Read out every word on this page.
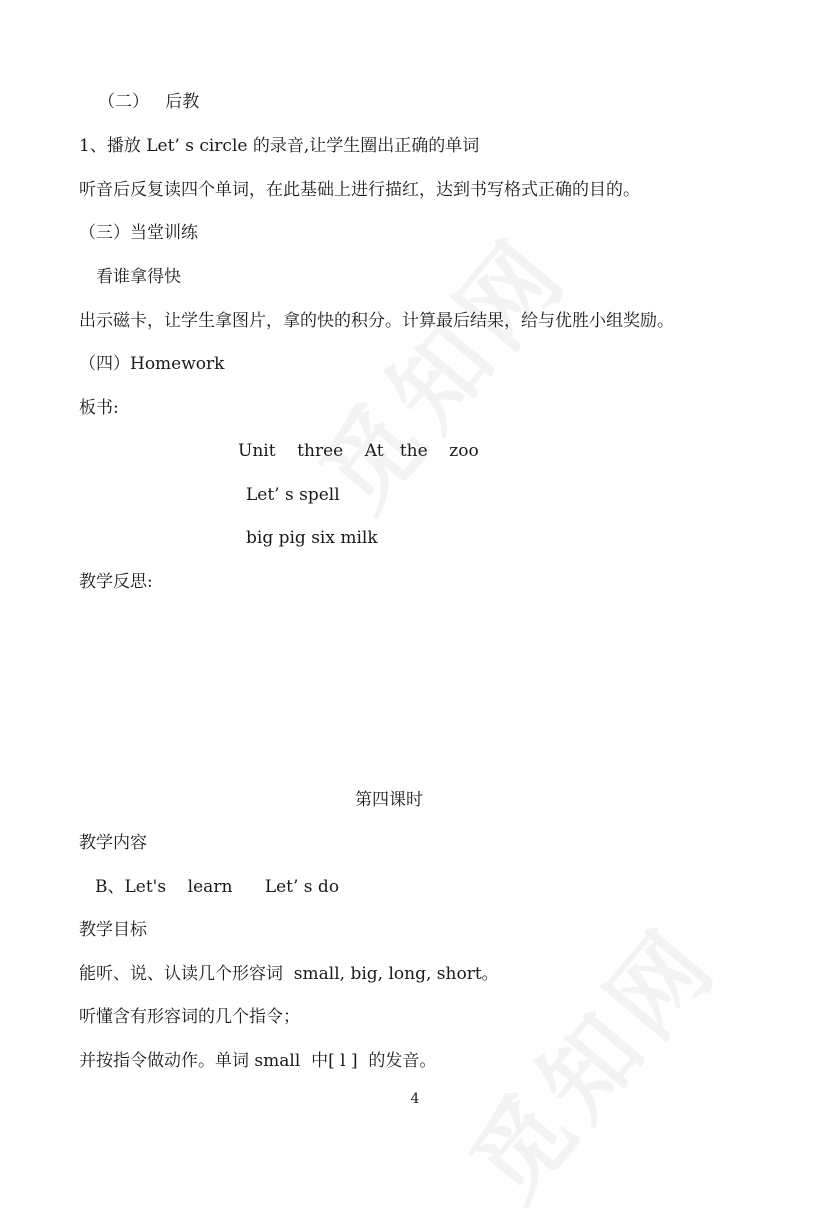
（二）   后教
1、播放 Let’ s circle 的录音,让学生圈出正确的单词
听音后反复读四个单词，在此基础上进行描红，达到书写格式正确的目的。
（三）当堂训练
看谁拿得快
出示磁卡，让学生拿图片，拿的快的积分。计算最后结果，给与优胜小组奖励。
（四）Homework
板书:
Unit    three    At   the    zoo
Let’ s spell
big pig six milk
教学反思:
第四课时
教学内容
B、Let's    learn      Let’ s do
教学目标
能听、说、认读几个形容词  small, big, long, short。
听懂含有形容词的几个指令；
并按指令做动作。单词 small  中[ l ]  的发音。
4
